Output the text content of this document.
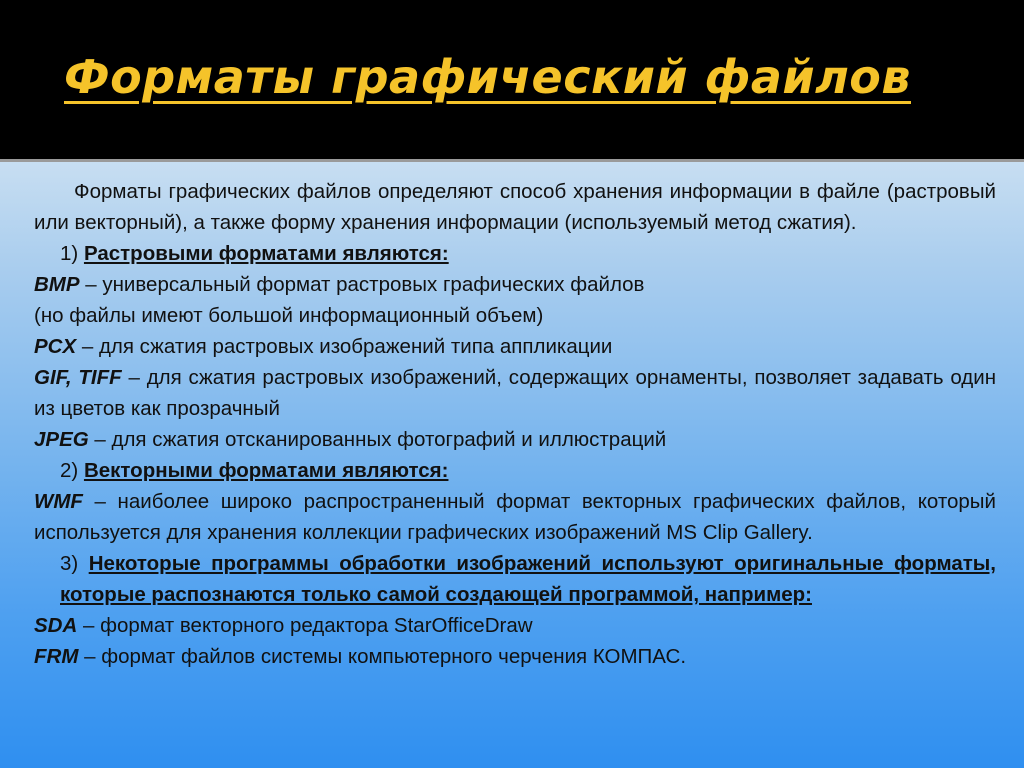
Форматы графический файлов

Форматы графических файлов определяют способ хранения информации в файле (растровый или векторный), а также форму хранения информации (используемый метод сжатия).

1) Растровыми форматами являются:

BMP – универсальный формат растровых графических файлов

(но файлы имеют большой информационный объем)

PCX – для сжатия растровых изображений типа аппликации

GIF, TIFF – для сжатия растровых изображений, содержащих орнаменты, позволяет задавать один из цветов как прозрачный

JPEG – для сжатия отсканированных фотографий и иллюстраций

2) Векторными форматами являются:

WMF – наиболее широко распространенный формат векторных графических файлов, который используется для хранения коллекции графических изображений MS Clip Gallery.

3) Некоторые программы обработки изображений используют оригинальные форматы, которые распознаются только самой создающей программой, например:

SDA – формат векторного редактора StarOfficeDraw

FRM – формат файлов системы компьютерного черчения КОМПАС.
